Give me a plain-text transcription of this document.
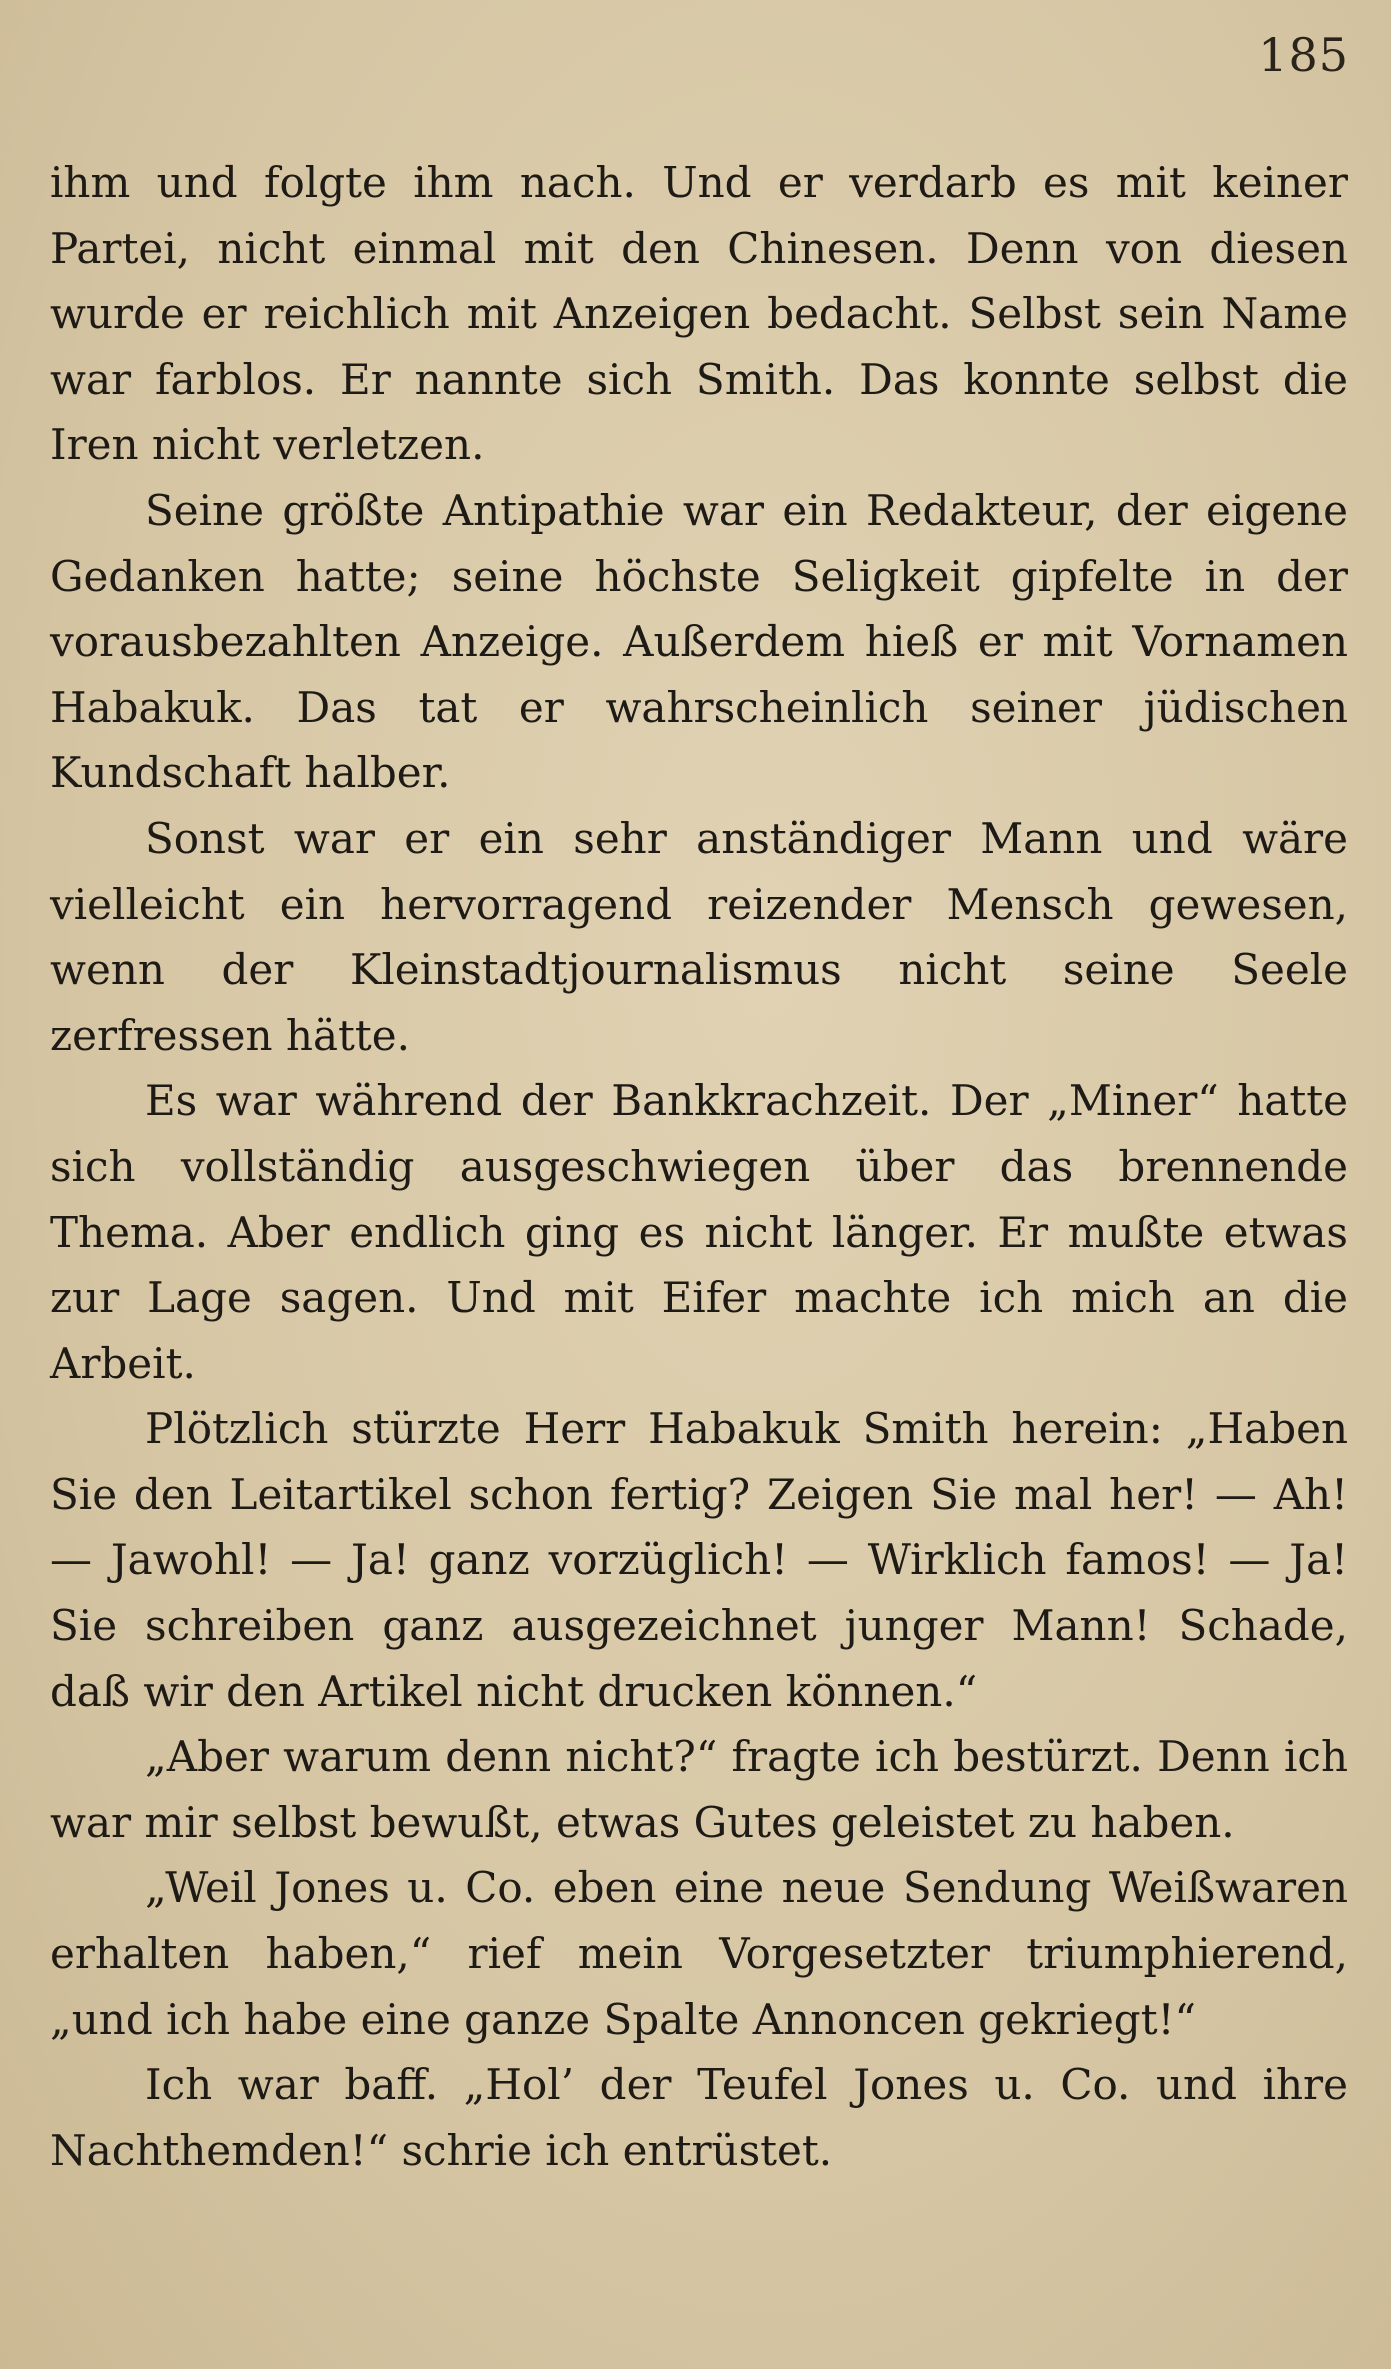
185

ihm und folgte ihm nach. Und er verdarb es mit keiner Partei, nicht einmal mit den Chinesen. Denn von diesen wurde er reichlich mit Anzeigen bedacht. Selbst sein Name war farblos. Er nannte sich Smith. Das konnte selbst die Iren nicht verletzen.

Seine größte Antipathie war ein Redakteur, der eigene Gedanken hatte; seine höchste Seligkeit gipfelte in der vorausbezahlten Anzeige. Außerdem hieß er mit Vornamen Habakuk. Das tat er wahrscheinlich seiner jüdischen Kundschaft halber.

Sonst war er ein sehr anständiger Mann und wäre vielleicht ein hervorragend reizender Mensch gewesen, wenn der Kleinstadtjournalismus nicht seine Seele zerfressen hätte.

Es war während der Bankkrachzeit. Der „Miner“ hatte sich vollständig ausgeschwiegen über das brennende Thema. Aber endlich ging es nicht länger. Er mußte etwas zur Lage sagen. Und mit Eifer machte ich mich an die Arbeit.

Plötzlich stürzte Herr Habakuk Smith herein: „Haben Sie den Leitartikel schon fertig? Zeigen Sie mal her! — Ah! — Jawohl! — Ja! ganz vorzüglich! — Wirklich famos! — Ja! Sie schreiben ganz ausgezeichnet junger Mann! Schade, daß wir den Artikel nicht drucken können.“

„Aber warum denn nicht?“ fragte ich bestürzt. Denn ich war mir selbst bewußt, etwas Gutes geleistet zu haben.

„Weil Jones u. Co. eben eine neue Sendung Weißwaren erhalten haben,“ rief mein Vorgesetzter triumphierend, „und ich habe eine ganze Spalte Annoncen gekriegt!“

Ich war baff. „Hol’ der Teufel Jones u. Co. und ihre Nachthemden!“ schrie ich entrüstet.
